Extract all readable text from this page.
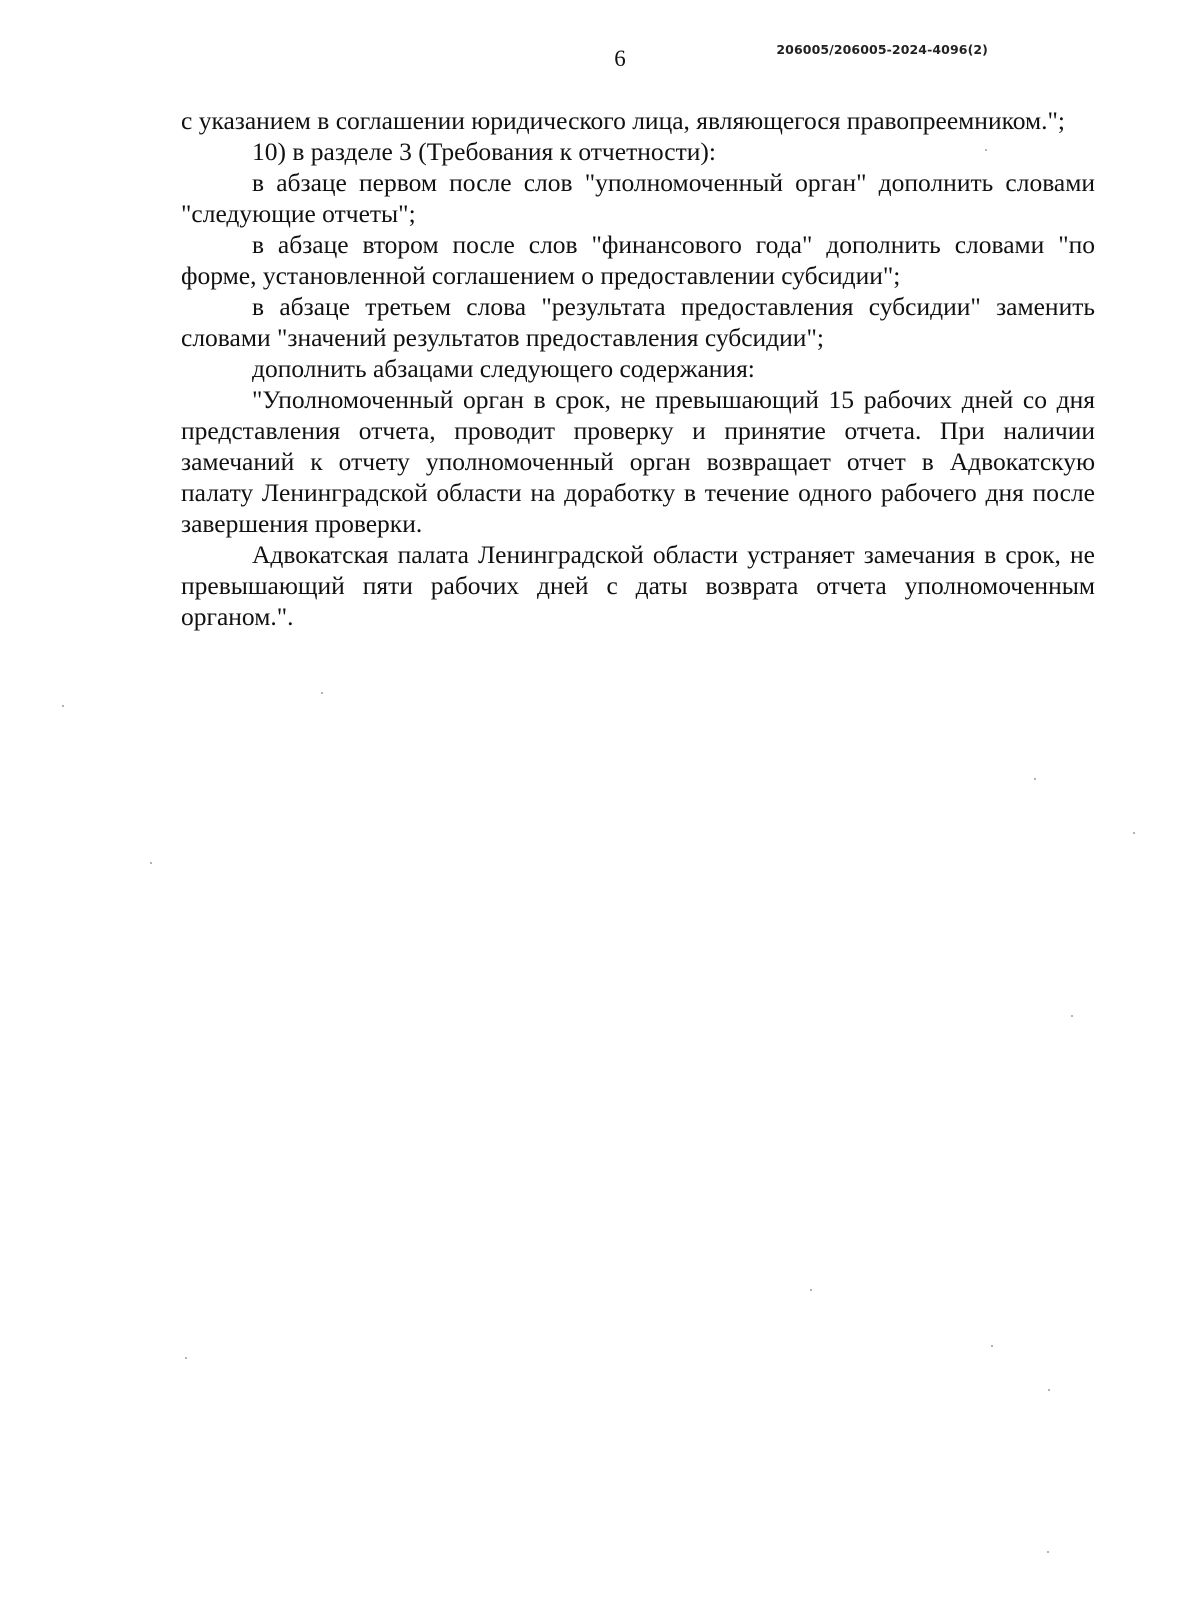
6	206005/206005-2024-4096(2)

с указанием в соглашении юридического лица, являющегося правопреемником.";

10) в разделе 3 (Требования к отчетности):

в абзаце первом после слов "уполномоченный орган" дополнить словами "следующие отчеты";

в абзаце втором после слов "финансового года" дополнить словами "по форме, установленной соглашением о предоставлении субсидии";

в абзаце третьем слова "результата предоставления субсидии" заменить словами "значений результатов предоставления субсидии";

дополнить абзацами следующего содержания:

"Уполномоченный орган в срок, не превышающий 15 рабочих дней со дня представления отчета, проводит проверку и принятие отчета. При наличии замечаний к отчету уполномоченный орган возвращает отчет в Адвокатскую палату Ленинградской области на доработку в течение одного рабочего дня после завершения проверки.

Адвокатская палата Ленинградской области устраняет замечания в срок, не превышающий пяти рабочих дней с даты возврата отчета уполномоченным органом.".
